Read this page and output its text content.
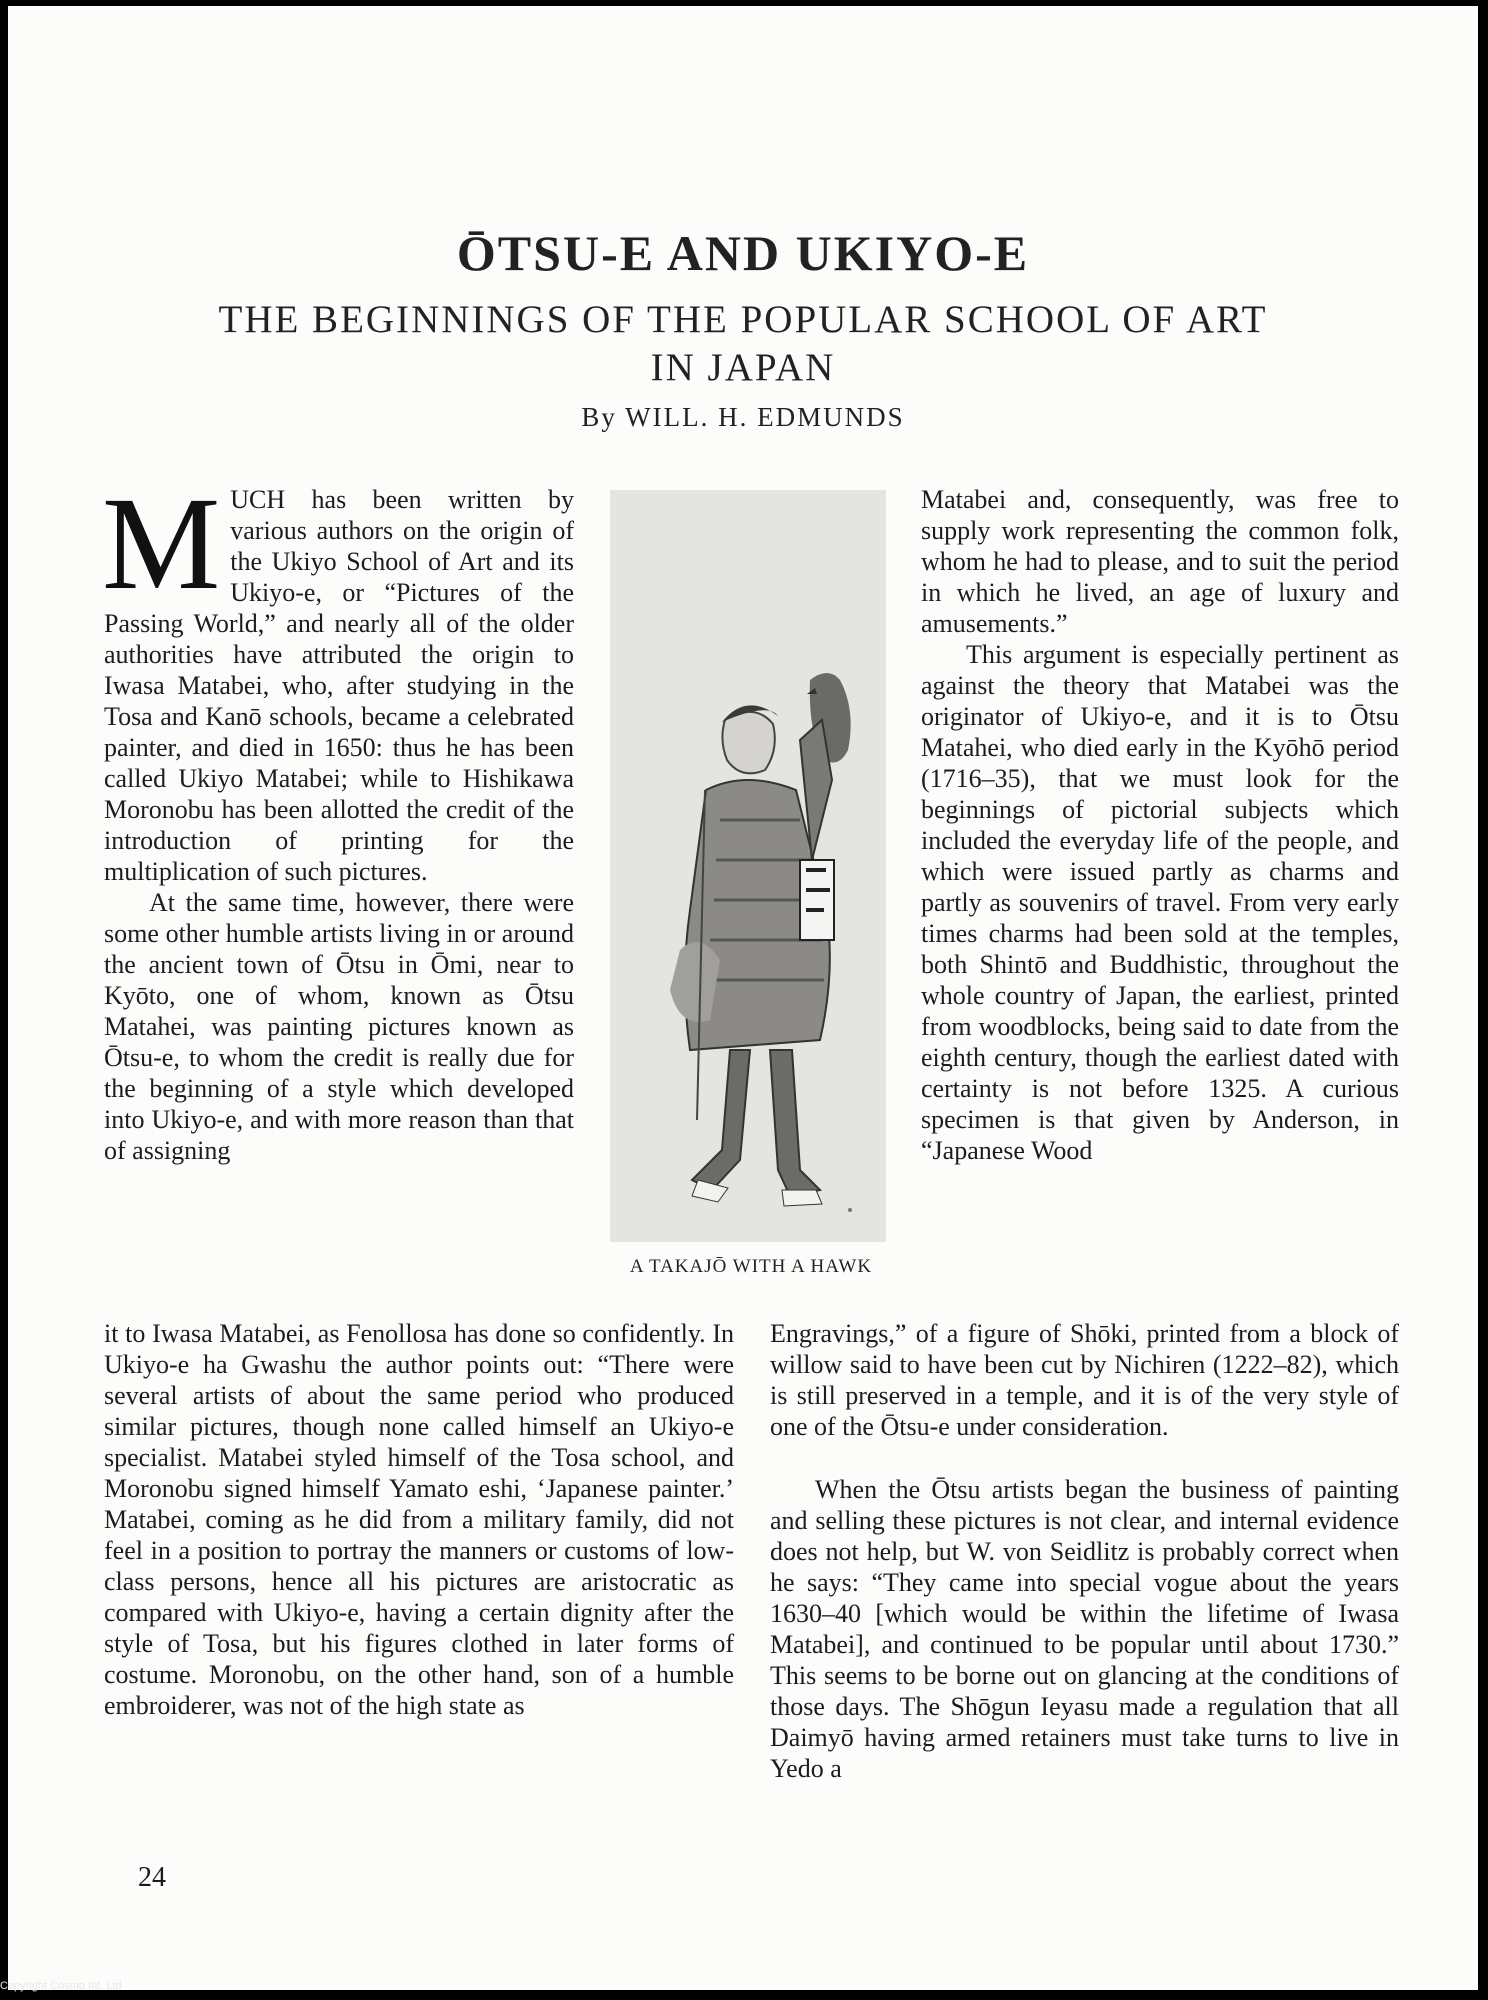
ŌTSU-E AND UKIYO-E
THE BEGINNINGS OF THE POPULAR SCHOOL OF ART
IN JAPAN
By WILL. H. EDMUNDS

MUCH has been written by various authors on the origin of the Ukiyo School of Art and its Ukiyo-e, or “Pictures of the Passing World,” and nearly all of the older authorities have attributed the origin to Iwasa Matabei, who, after studying in the Tosa and Kanō schools, became a celebrated painter, and died in 1650: thus he has been called Ukiyo Matabei; while to Hishikawa Moronobu has been allotted the credit of the introduction of printing for the multiplication of such pictures.

At the same time, however, there were some other humble artists living in or around the ancient town of Ōtsu in Ōmi, near to Kyōto, one of whom, known as Ōtsu Matahei, was painting pictures known as Ōtsu-e, to whom the credit is really due for the beginning of a style which developed into Ukiyo-e, and with more reason than that of assigning

A TAKAJŌ WITH A HAWK

Matabei and, consequently, was free to supply work representing the common folk, whom he had to please, and to suit the period in which he lived, an age of luxury and amusements.”

This argument is especially pertinent as against the theory that Matabei was the originator of Ukiyo-e, and it is to Ōtsu Matahei, who died early in the Kyōhō period (1716–35), that we must look for the beginnings of pictorial subjects which included the everyday life of the people, and which were issued partly as charms and partly as souvenirs of travel. From very early times charms had been sold at the temples, both Shintō and Buddhistic, throughout the whole country of Japan, the earliest, printed from woodblocks, being said to date from the eighth century, though the earliest dated with certainty is not before 1325. A curious specimen is that given by Anderson, in “Japanese Wood

it to Iwasa Matabei, as Fenollosa has done so confidently. In Ukiyo-e ha Gwashu the author points out: “There were several artists of about the same period who produced similar pictures, though none called himself an Ukiyo-e specialist. Matabei styled himself of the Tosa school, and Moronobu signed himself Yamato eshi, ‘Japanese painter.’ Matabei, coming as he did from a military family, did not feel in a position to portray the manners or customs of low-class persons, hence all his pictures are aristocratic as compared with Ukiyo-e, having a certain dignity after the style of Tosa, but his figures clothed in later forms of costume. Moronobu, on the other hand, son of a humble embroiderer, was not of the high state as

Engravings,” of a figure of Shōki, printed from a block of willow said to have been cut by Nichiren (1222–82), which is still preserved in a temple, and it is of the very style of one of the Ōtsu-e under consideration.

When the Ōtsu artists began the business of painting and selling these pictures is not clear, and internal evidence does not help, but W. von Seidlitz is probably correct when he says: “They came into special vogue about the years 1630–40 [which would be within the lifetime of Iwasa Matabei], and continued to be popular until about 1730.” This seems to be borne out on glancing at the conditions of those days. The Shōgun Ieyasu made a regulation that all Daimyō having armed retainers must take turns to live in Yedo a

24

Copyright Cosmo Int. Ltd
